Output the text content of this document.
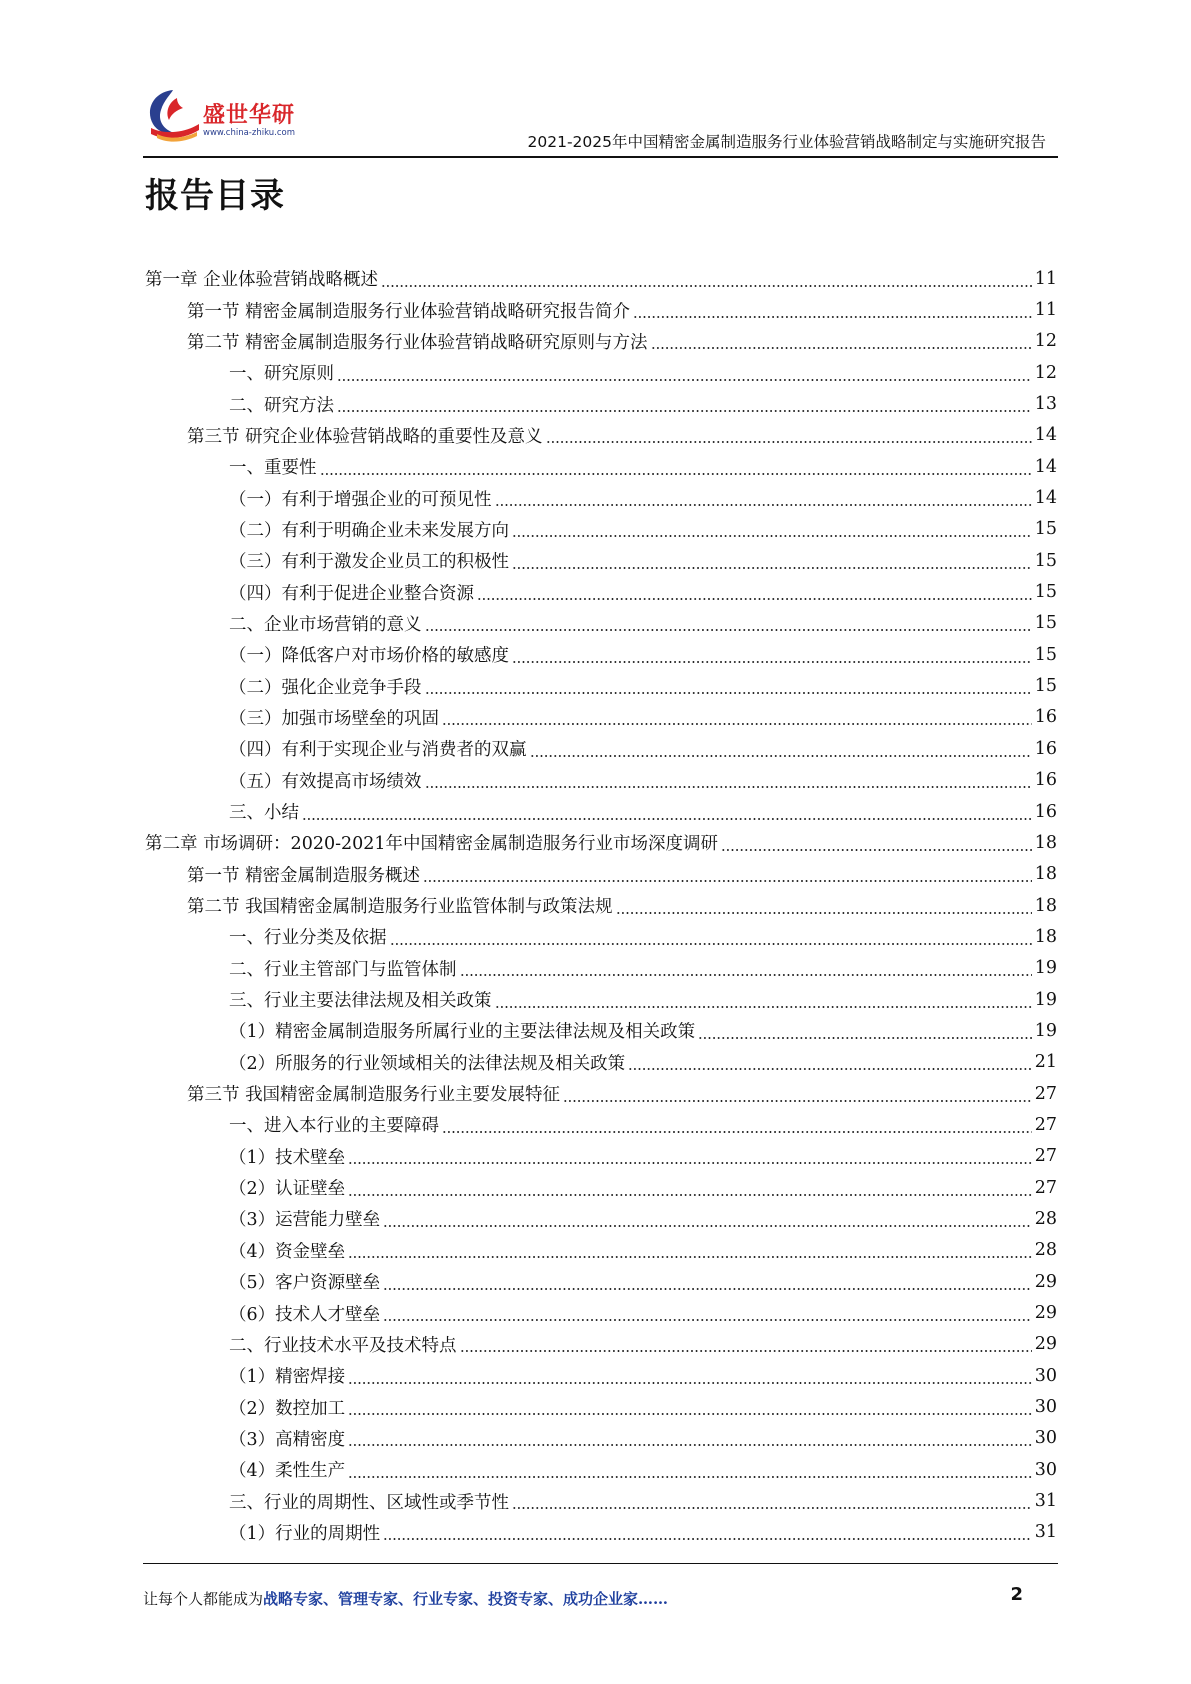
盛世华研
www.china-zhiku.com	2021-2025年中国精密金属制造服务行业体验营销战略制定与实施研究报告
报告目录
第一章 企业体验营销战略概述	11
第一节 精密金属制造服务行业体验营销战略研究报告简介	11
第二节 精密金属制造服务行业体验营销战略研究原则与方法	12
一、研究原则	12
二、研究方法	13
第三节 研究企业体验营销战略的重要性及意义	14
一、重要性	14
（一）有利于增强企业的可预见性	14
（二）有利于明确企业未来发展方向	15
（三）有利于激发企业员工的积极性	15
（四）有利于促进企业整合资源	15
二、企业市场营销的意义	15
（一）降低客户对市场价格的敏感度	15
（二）强化企业竞争手段	15
（三）加强市场壁垒的巩固	16
（四）有利于实现企业与消费者的双赢	16
（五）有效提高市场绩效	16
三、小结	16
第二章 市场调研：2020-2021年中国精密金属制造服务行业市场深度调研	18
第一节 精密金属制造服务概述	18
第二节 我国精密金属制造服务行业监管体制与政策法规	18
一、行业分类及依据	18
二、行业主管部门与监管体制	19
三、行业主要法律法规及相关政策	19
（1）精密金属制造服务所属行业的主要法律法规及相关政策	19
（2）所服务的行业领域相关的法律法规及相关政策	21
第三节 我国精密金属制造服务行业主要发展特征	27
一、进入本行业的主要障碍	27
（1）技术壁垒	27
（2）认证壁垒	27
（3）运营能力壁垒	28
（4）资金壁垒	28
（5）客户资源壁垒	29
（6）技术人才壁垒	29
二、行业技术水平及技术特点	29
（1）精密焊接	30
（2）数控加工	30
（3）高精密度	30
（4）柔性生产	30
三、行业的周期性、区域性或季节性	31
（1）行业的周期性	31
让每个人都能成为战略专家、管理专家、行业专家、投资专家、成功企业家……	2
